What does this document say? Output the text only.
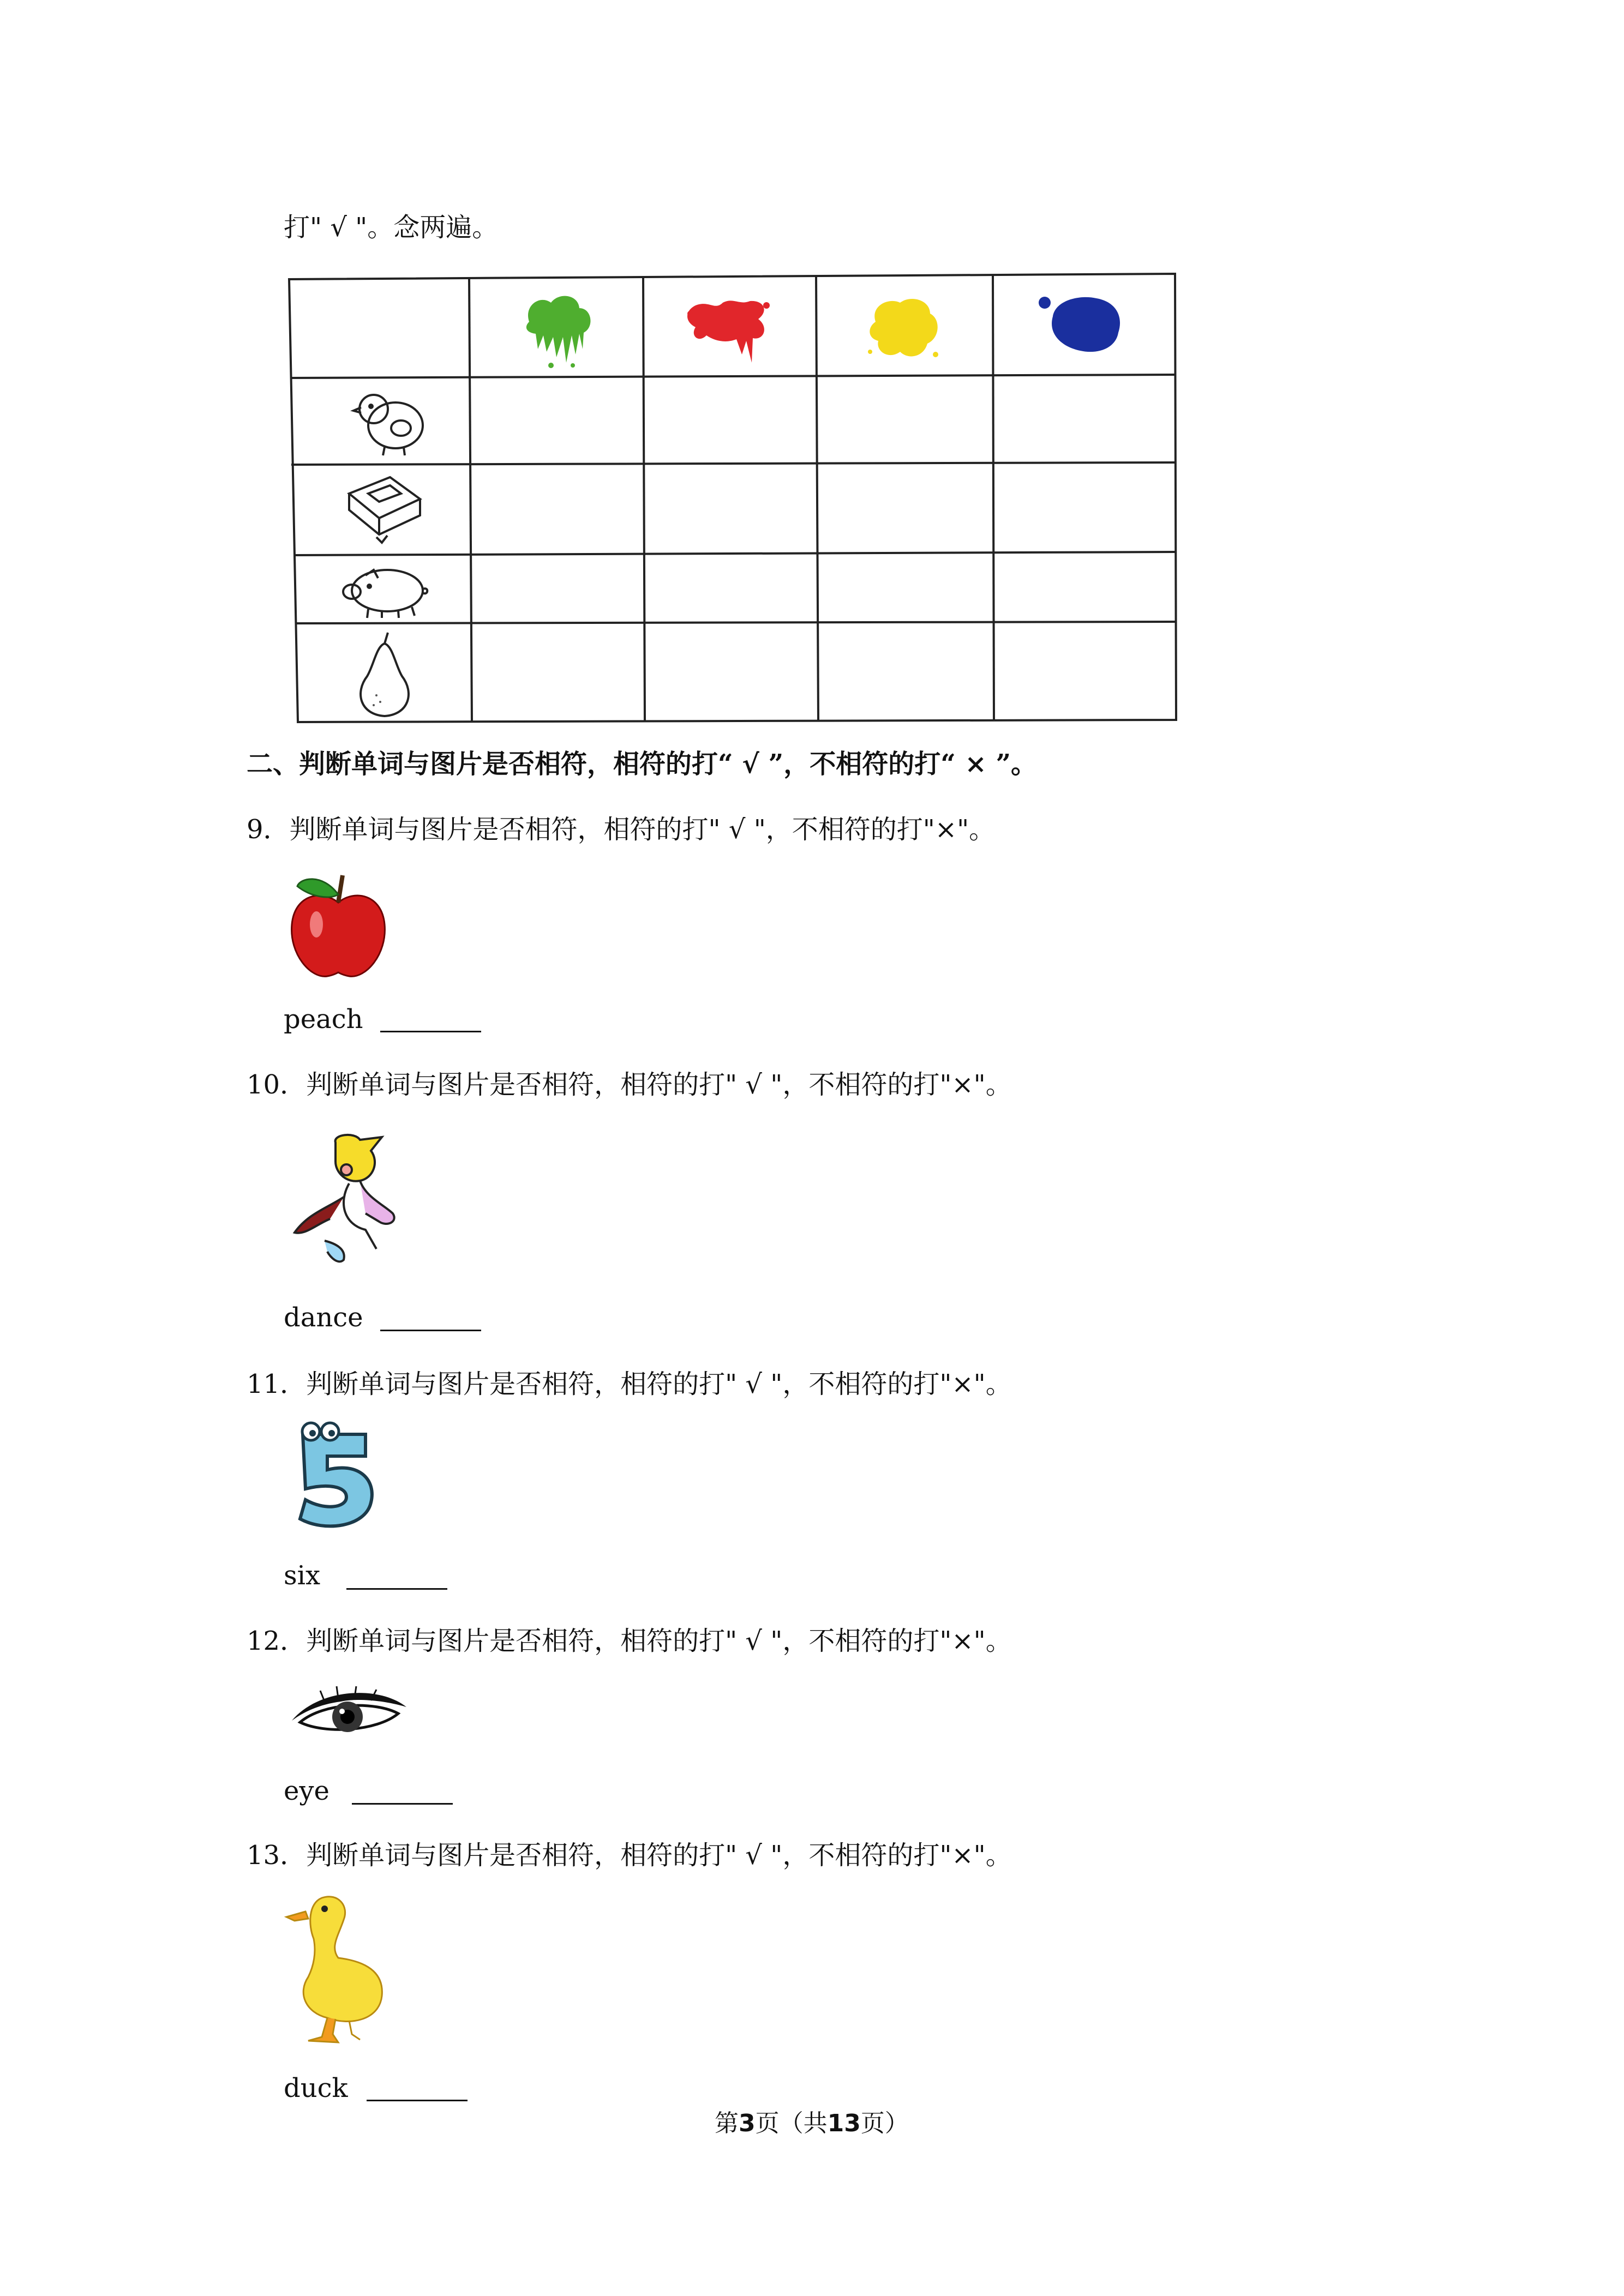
打" √ "。念两遍。
二、判断单词与图片是否相符，相符的打“ √ ”，不相符的打“ × ”。
9．判断单词与图片是否相符，相符的打" √ "，不相符的打"×"。
peach
10．判断单词与图片是否相符，相符的打" √ "，不相符的打"×"。
dance
11．判断单词与图片是否相符，相符的打" √ "，不相符的打"×"。
six
12．判断单词与图片是否相符，相符的打" √ "，不相符的打"×"。
eye
13．判断单词与图片是否相符，相符的打" √ "，不相符的打"×"。
duck
第3页（共13页）
